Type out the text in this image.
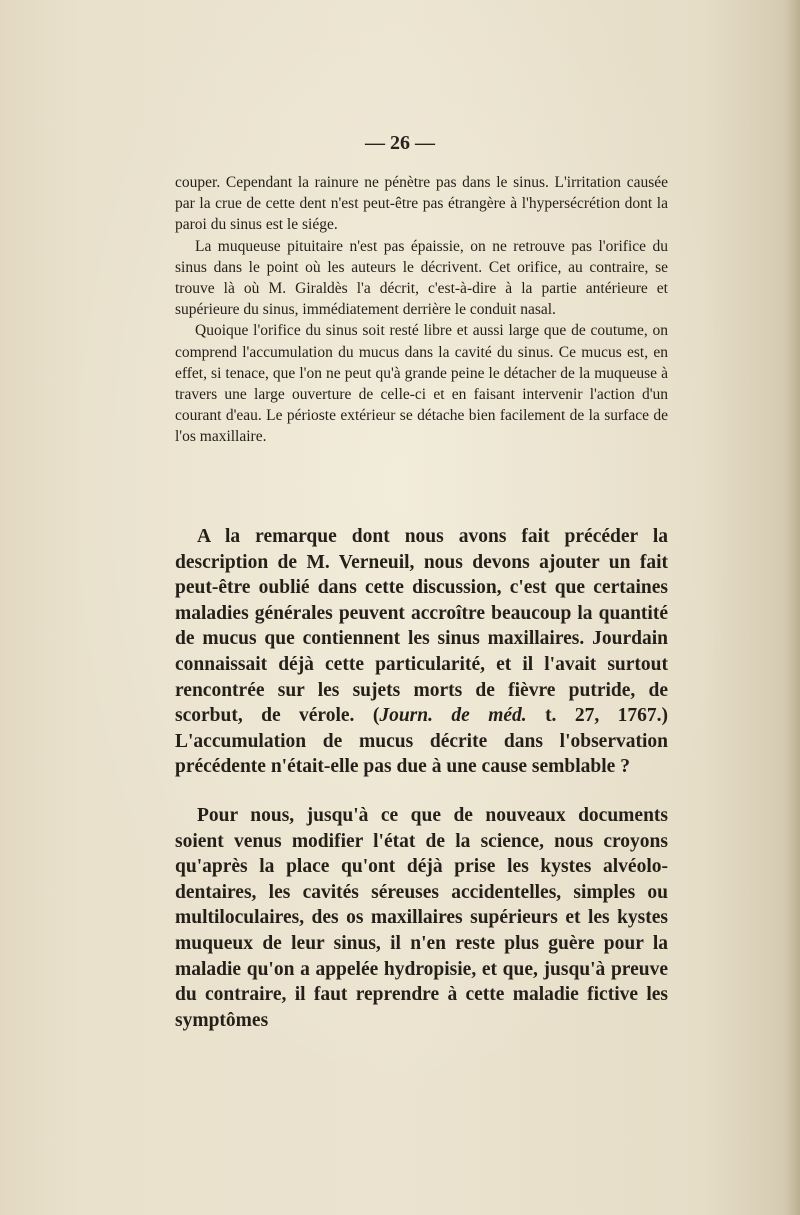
— 26 —

couper. Cependant la rainure ne pénètre pas dans le sinus. L'irritation causée par la crue de cette dent n'est peut-être pas étrangère à l'hypersécrétion dont la paroi du sinus est le siége.

La muqueuse pituitaire n'est pas épaissie, on ne retrouve pas l'orifice du sinus dans le point où les auteurs le décrivent. Cet orifice, au contraire, se trouve là où M. Giraldès l'a décrit, c'est-à-dire à la partie antérieure et supérieure du sinus, immédiatement derrière le conduit nasal.

Quoique l'orifice du sinus soit resté libre et aussi large que de coutume, on comprend l'accumulation du mucus dans la cavité du sinus. Ce mucus est, en effet, si tenace, que l'on ne peut qu'à grande peine le détacher de la muqueuse à travers une large ouverture de celle-ci et en faisant intervenir l'action d'un courant d'eau. Le périoste extérieur se détache bien facilement de la surface de l'os maxillaire.

A la remarque dont nous avons fait précéder la description de M. Verneuil, nous devons ajouter un fait peut-être oublié dans cette discussion, c'est que certaines maladies générales peuvent accroître beaucoup la quantité de mucus que contiennent les sinus maxillaires. Jourdain connaissait déjà cette particularité, et il l'avait surtout rencontrée sur les sujets morts de fièvre putride, de scorbut, de vérole. (Journ. de méd. t. 27, 1767.) L'accumulation de mucus décrite dans l'observation précédente n'était-elle pas due à une cause semblable ?

Pour nous, jusqu'à ce que de nouveaux documents soient venus modifier l'état de la science, nous croyons qu'après la place qu'ont déjà prise les kystes alvéolo-dentaires, les cavités séreuses accidentelles, simples ou multiloculaires, des os maxillaires supérieurs et les kystes muqueux de leur sinus, il n'en reste plus guère pour la maladie qu'on a appelée hydropisie, et que, jusqu'à preuve du contraire, il faut reprendre à cette maladie fictive les symptômes
